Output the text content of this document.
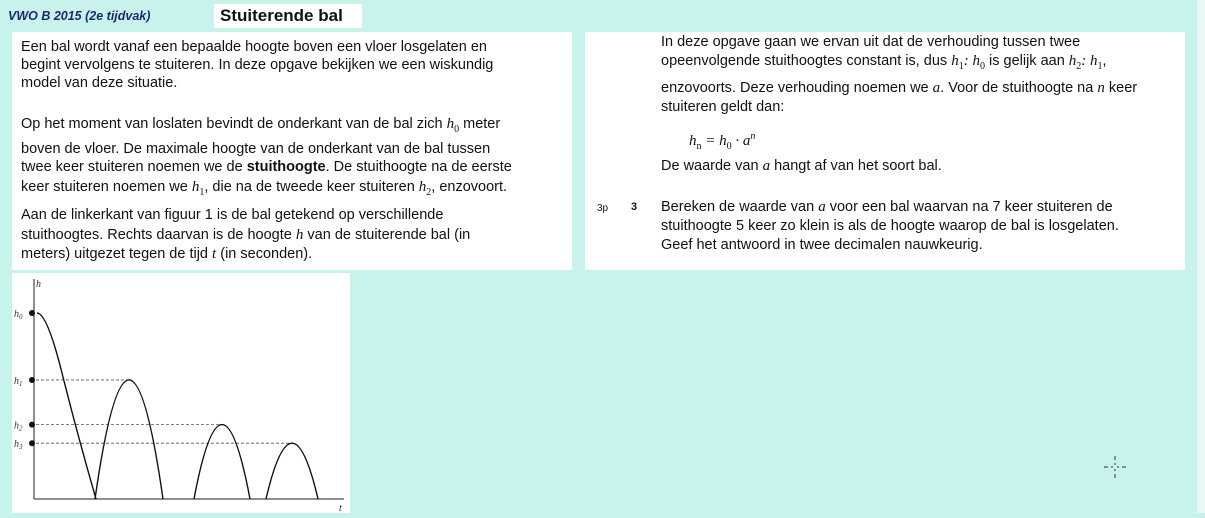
VWO B 2015 (2e tijdvak)	Stuiterende bal
Een bal wordt vanaf een bepaalde hoogte boven een vloer losgelaten en
begint vervolgens te stuiteren. In deze opgave bekijken we een wiskundig
model van deze situatie.
Op het moment van loslaten bevindt de onderkant van de bal zich $h_0$ meter
boven de vloer. De maximale hoogte van de onderkant van de bal tussen
twee keer stuiteren noemen we de stuithoogte. De stuithoogte na de eerste
keer stuiteren noemen we $h_1$, die na de tweede keer stuiteren $h_2$, enzovoort.
Aan de linkerkant van figuur 1 is de bal getekend op verschillende
stuithoogtes. Rechts daarvan is de hoogte h van de stuiterende bal (in
meters) uitgezet tegen de tijd t (in seconden).
In deze opgave gaan we ervan uit dat de verhouding tussen twee
opeenvolgende stuithoogtes constant is, dus $h_1$: $h_0$ is gelijk aan $h_2$: $h_1$,
enzovoorts. Deze verhouding noemen we a. Voor de stuithoogte na n keer
stuiteren geldt dan:
$h_n = h_0 \cdot a^n$
De waarde van a hangt af van het soort bal.
3p 3 Bereken de waarde van a voor een bal waarvan na 7 keer stuiteren de
stuithoogte 5 keer zo klein is als de hoogte waarop de bal is losgelaten.
Geef het antwoord in twee decimalen nauwkeurig.
h
t
$h_0$
$h_1$
$h_2$
$h_3$
